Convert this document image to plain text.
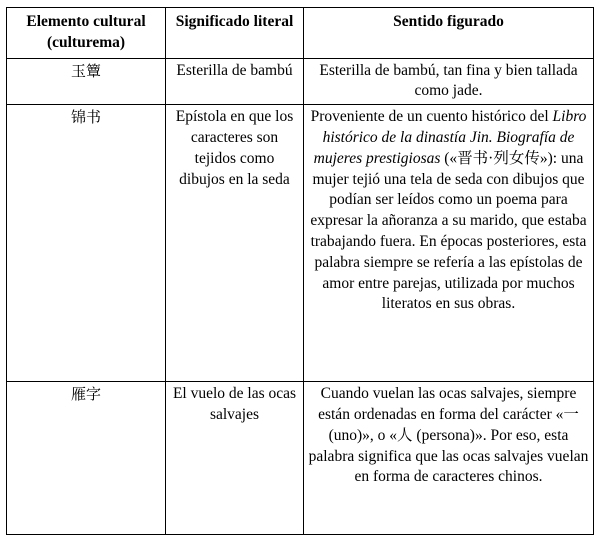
Elemento cultural (culturema)	Significado literal	Sentido figurado
玉簟	Esterilla de bambú	Esterilla de bambú, tan fina y bien tallada como jade.
锦书	Epístola en que los caracteres son tejidos como dibujos en la seda	Proveniente de un cuento histórico del Libro histórico de la dinastía Jin. Biografía de mujeres prestigiosas («晋书·列女传»): una mujer tejió una tela de seda con dibujos que podían ser leídos como un poema para expresar la añoranza a su marido, que estaba trabajando fuera. En épocas posteriores, esta palabra siempre se refería a las epístolas de amor entre parejas, utilizada por muchos literatos en sus obras.
雁字	El vuelo de las ocas salvajes	Cuando vuelan las ocas salvajes, siempre están ordenadas en forma del carácter «一 (uno)», o «人 (persona)». Por eso, esta palabra significa que las ocas salvajes vuelan en forma de caracteres chinos.
